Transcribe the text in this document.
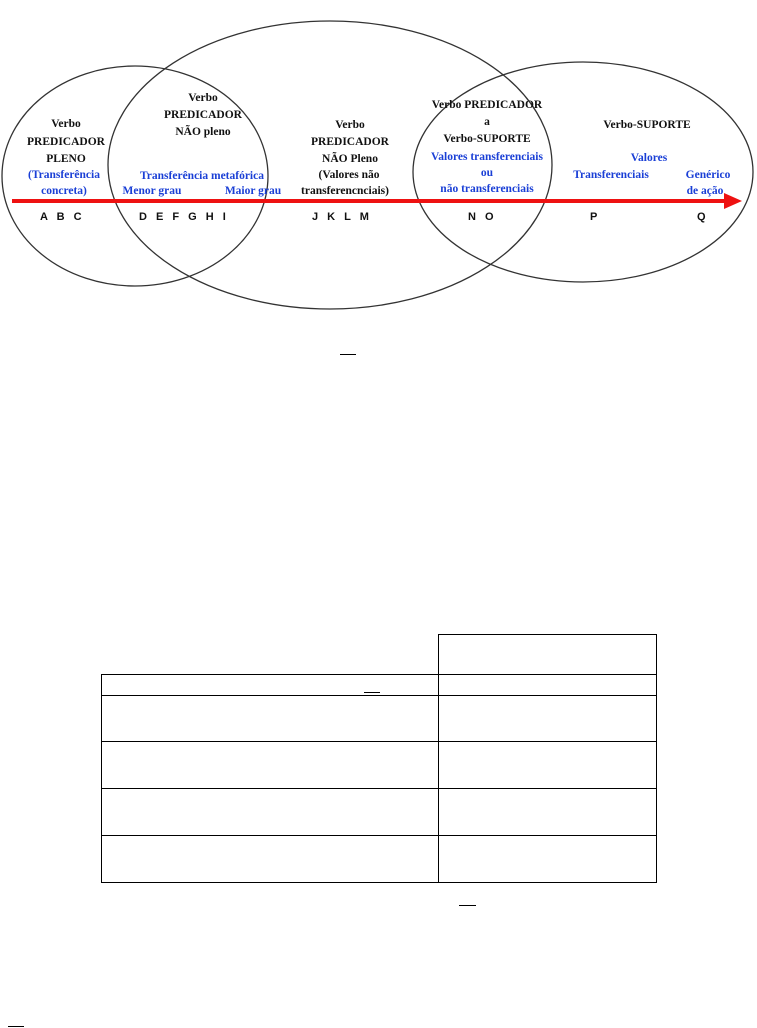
Verbo
PREDICADOR
PLENO
(Transferência
concreta)
Verbo
PREDICADOR
NÃO pleno
Transferência metafórica
Menor grau	Maior grau
Verbo
PREDICADOR
NÃO Pleno
(Valores não
transferencnciais)
Verbo PREDICADOR
a
Verbo-SUPORTE
Valores transferenciais
ou
não transferenciais
Verbo-SUPORTE
Valores
Transferenciais	Genérico
de ação
A B C	D E F G H I	J K L M	N O	P	Q
